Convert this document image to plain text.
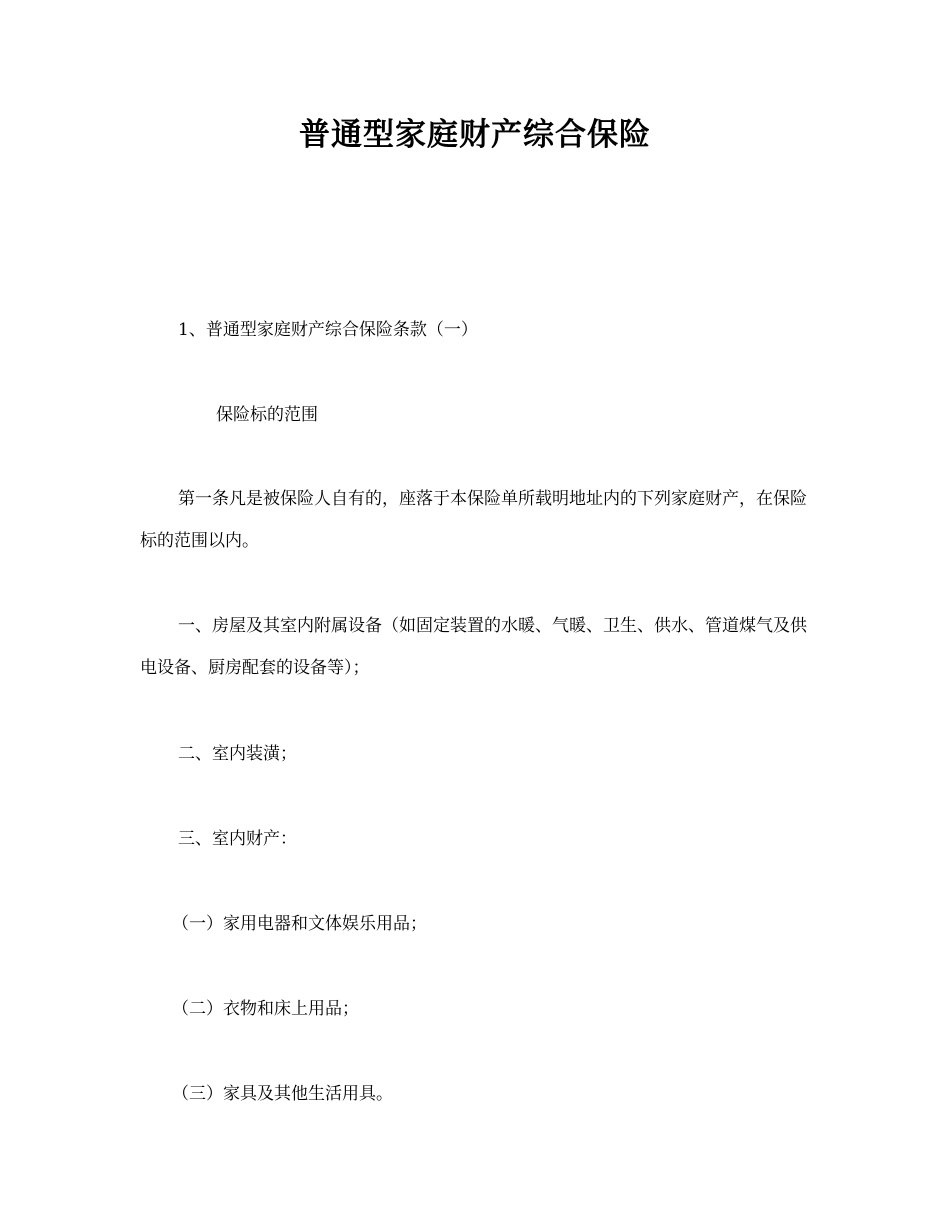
普通型家庭财产综合保险

1、普通型家庭财产综合保险条款（一）

保险标的范围

第一条凡是被保险人自有的，座落于本保险单所载明地址内的下列家庭财产，在保险标的范围以内。

一、房屋及其室内附属设备（如固定装置的水暖、气暖、卫生、供水、管道煤气及供电设备、厨房配套的设备等）；

二、室内装潢；

三、室内财产：

（一）家用电器和文体娱乐用品；

（二）衣物和床上用品；

（三）家具及其他生活用具。
